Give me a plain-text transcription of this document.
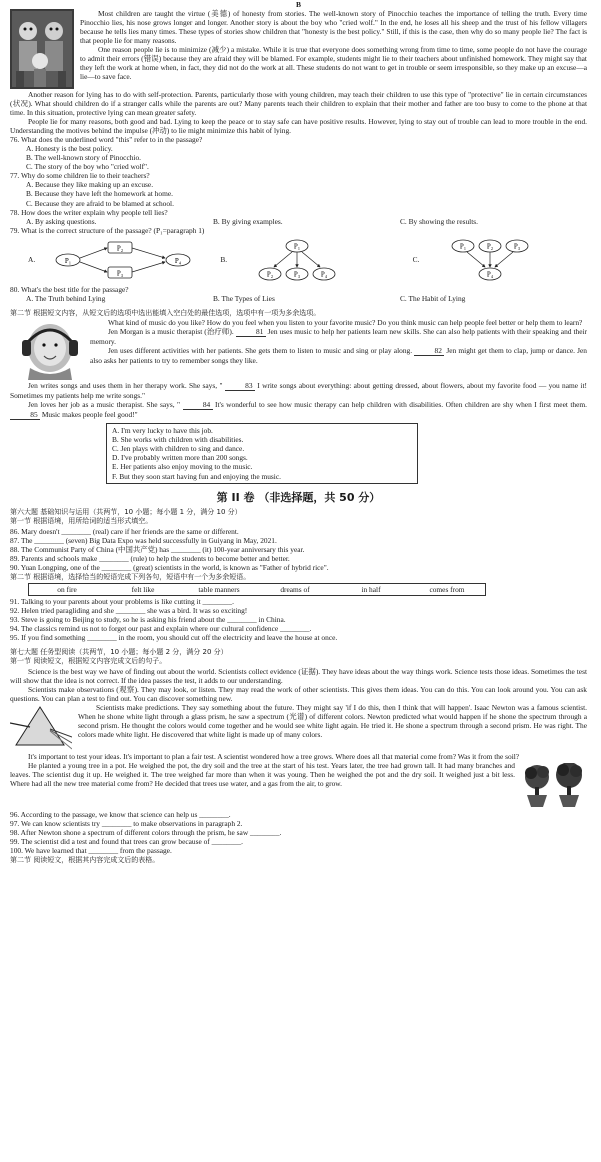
B

Most children are taught the virtue (美德) of honesty from stories. The well-known story of Pinocchio teaches the importance of telling the truth. Every time Pinocchio lies, his nose grows longer and longer. Another story is about the boy who "cried wolf." In the end, he loses all his sheep and the trust of his fellow villagers because he tells lies many times. These types of stories show children that "honesty is the best policy." Still, if this is the case, then why do so many people lie? The fact is that people lie for many reasons.

One reason people lie is to minimize (减少) a mistake. While it is true that everyone does something wrong from time to time, some people do not have the courage to admit their errors (错误) because they are afraid they will be blamed. For example, students might lie to their teachers about unfinished homework. They might say that they left the work at home when, in fact, they did not do the work at all. These students do not want to get in trouble or seem irresponsible, so they make up an excuse—a lie—to save face.

Another reason for lying has to do with self-protection. Parents, particularly those with young children, may teach their children to use this type of "protective" lie in certain circumstances (状况). What should children do if a stranger calls while the parents are out? Many parents teach their children to explain that their mother and father are too busy to come to the phone at that time. In this situation, protective lying can mean greater safety.

People lie for many reasons, both good and bad. Lying to keep the peace or to stay safe can have positive results. However, lying to stay out of trouble can lead to more trouble in the end. Understanding the motives behind the impulse (冲动) to lie might minimize this habit of lying.

76. What does the underlined word "this" refer to in the passage?
A. Honesty is the best policy.
B. The well-known story of Pinocchio.
C. The story of the boy who "cried wolf".
77. Why do some children lie to their teachers?
A. Because they like making up an excuse.
B. Because they have left the homework at home.
C. Because they are afraid to be blamed at school.
78. How does the writer explain why people tell lies?
A. By asking questions.	B. By giving examples.	C. By showing the results.
79. What is the correct structure of the passage? (P₁=paragraph 1)
A.	P₁
P₂
P₃
P₄	B.
P₁
P₂	P₃	P₄
C.
P₁	P₂	P₃
P₄
80. What's the best title for the passage?
A. The Truth behind Lying	B. The Types of Lies	C. The Habit of Lying
第二节 根据短文内容，从短文后的选项中选出能填入空白处的最佳选项，选项中有一项为多余选项。

What kind of music do you like? How do you feel when you listen to your favorite music? Do you think music can help people feel better or help them to learn?

Jen Morgan is a music therapist (治疗师).	81 Jen uses music to help her patients learn new skills. She can also help patients with their speaking and their memory.

Jen uses different activities with her patients. She gets them to listen to music and sing or play along.	82 Jen might get them to clap, jump or dance. Jen also asks her patients to try to remember songs they like.

Jen writes songs and uses them in her therapy work. She says, "	83 I write songs about everything: about getting dressed, about flowers, about my favorite food — you name it! Sometimes my patients help me write songs."

Jen loves her job as a music therapist. She says, "	84 It's wonderful to see how music therapy can help children with disabilities. Often children are shy when I first meet them. 85 Music makes people feel good!"

A. I'm very lucky to have this job.
B. She works with children with disabilities.
C. Jen plays with children to sing and dance.
D. I've probably written more than 200 songs.
E. Her patients also enjoy moving to the music.
F. But they soon start having fun and enjoying the music.
第 II 卷 （非选择题，共 50 分）
第六大题 基础知识与运用（共两节，10 小题；每小题 1 分，满分 10 分）
第一节 根据语境，用所给词的适当形式填空。
86. Mary doesn't ________ (real) care if her friends are the same or different.
87. The ________ (seven) Big Data Expo was held successfully in Guiyang in May, 2021.
88. The Communist Party of China (中国共产党) has ________ (it) 100-year anniversary this year.
89. Parents and schools make ________ (rule) to help the students to become better and better.
90. Yuan Longping, one of the ________ (great) scientists in the world, is known as "Father of hybrid rice".
第二节 根据语境，选择恰当的短语完成下列各句，短语中有一个为多余短语。
on fire	felt like	table manners	dreams of	in half	comes from
91. Talking to your parents about your problems is like cutting it ________.
92. Helen tried paragliding and she ________ she was a bird. It was so exciting!
93. Steve is going to Beijing to study, so he is asking his friend about the ________ in China.
94. The classics remind us not to forget our past and explain where our cultural confidence ________.
95. If you find something ________ in the room, you should cut off the electricity and leave the house at once.
第七大题 任务型阅读（共两节，10 小题；每小题 2 分，满分 20 分）
第一节 阅读短文，根据短文内容完成文后的句子。

Science is the best way we have of finding out about the world. Scientists collect evidence (证据). They have ideas about the way things work. Science tests those ideas. Sometimes the test will show that the idea is not correct. If the idea passes the test, it adds to our understanding.

Scientists make observations (观察). They may look, or listen. They may read the work of other scientists. This gives them ideas. You can do this. You can look around you. You can ask questions. You can plan a test to find out. You can discover something new.

Scientists make predictions. They say something about the future. They might say 'if I do this, then I think that will happen'. Isaac Newton was a famous scientist. When he shone white light through a glass prism, he saw a spectrum (光谱) of different colors. Newton predicted what would happen if he shone the spectrum through a second prism. He thought the colors would come together and he would see white light again. He tried it. He shone a spectrum through a second prism. He was right. The colors made white light. He discovered that white light is made up of many colors.

It's important to test your ideas. It's important to plan a fair test. A scientist wondered how a tree grows. Where does all that material come from? Was it from the soil?

He planted a young tree in a pot. He weighed the pot, the dry soil and the tree at the start of his test. Years later, the tree had grown tall. It had many branches and leaves. The scientist dug it up. He weighed it. The tree weighed far more than when it was young. Then he weighed the pot and the dry soil. It weighed just a bit less. Where had all the new tree material come from? He decided that trees use water, and a gas from the air, to grow.

96. According to the passage, we know that science can help us ________.
97. We can know scientists try ________ to make observations in paragraph 2.
98. After Newton shone a spectrum of different colors through the prism, he saw ________.
99. The scientist did a test and found that trees can grow because of ________.
100. We have learned that ________ from the passage.
第二节 阅读短文，根据其内容完成文后的表格。
